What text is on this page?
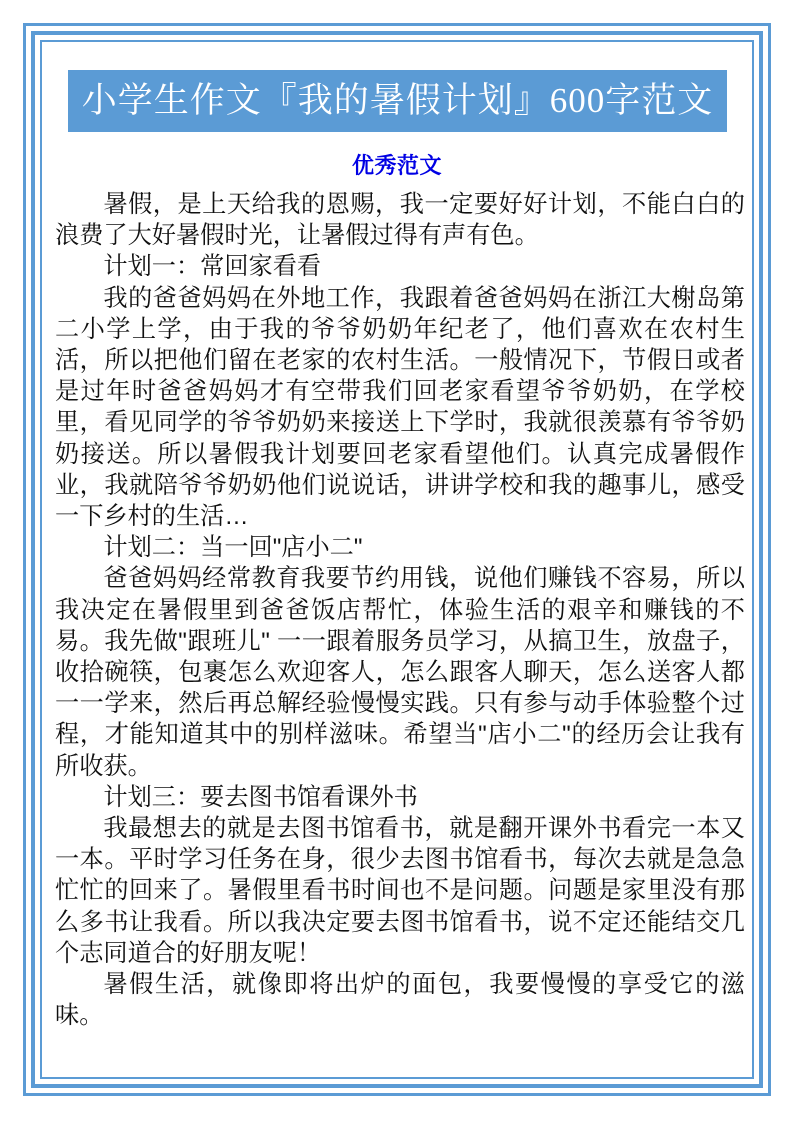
小学生作文『我的暑假计划』600字范文
优秀范文

暑假，是上天给我的恩赐，我一定要好好计划，不能白白的浪费了大好暑假时光，让暑假过得有声有色。

计划一：常回家看看

我的爸爸妈妈在外地工作，我跟着爸爸妈妈在浙江大榭岛第二小学上学，由于我的爷爷奶奶年纪老了，他们喜欢在农村生活，所以把他们留在老家的农村生活。一般情况下，节假日或者是过年时爸爸妈妈才有空带我们回老家看望爷爷奶奶，在学校里，看见同学的爷爷奶奶来接送上下学时，我就很羡慕有爷爷奶奶接送。所以暑假我计划要回老家看望他们。认真完成暑假作业，我就陪爷爷奶奶他们说说话，讲讲学校和我的趣事儿，感受一下乡村的生活…

计划二：当一回"店小二"

爸爸妈妈经常教育我要节约用钱，说他们赚钱不容易，所以我决定在暑假里到爸爸饭店帮忙，体验生活的艰辛和赚钱的不易。我先做"跟班儿" 一一跟着服务员学习，从搞卫生，放盘子，收拾碗筷，包裹怎么欢迎客人，怎么跟客人聊天，怎么送客人都一一学来，然后再总解经验慢慢实践。只有参与动手体验整个过程，才能知道其中的别样滋味。希望当"店小二"的经历会让我有所收获。

计划三：要去图书馆看课外书

我最想去的就是去图书馆看书，就是翻开课外书看完一本又一本。平时学习任务在身，很少去图书馆看书，每次去就是急急忙忙的回来了。暑假里看书时间也不是问题。问题是家里没有那么多书让我看。所以我决定要去图书馆看书，说不定还能结交几个志同道合的好朋友呢！

暑假生活，就像即将出炉的面包，我要慢慢的享受它的滋味。
